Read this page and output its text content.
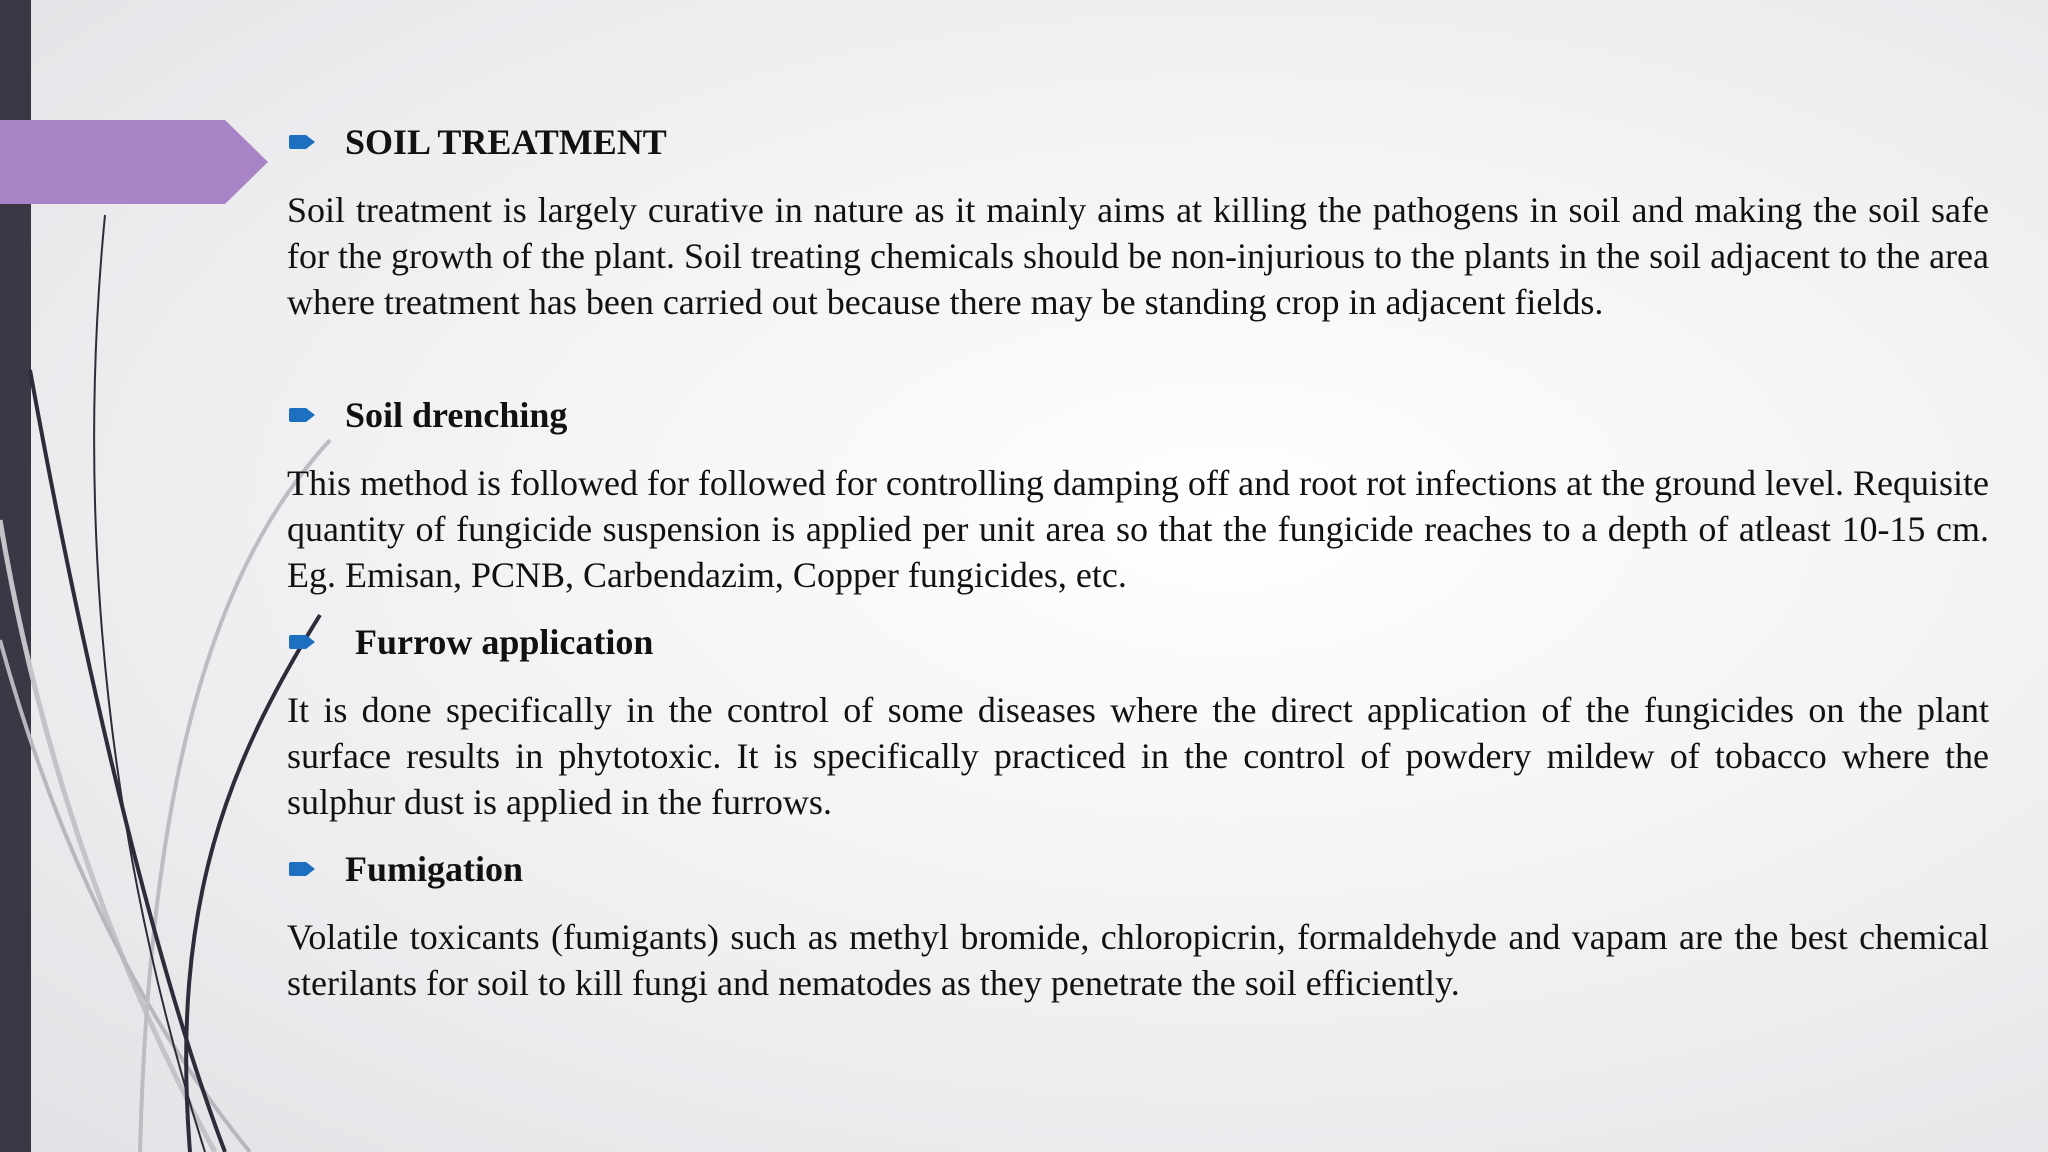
SOIL TREATMENT

Soil treatment is largely curative in nature as it mainly aims at killing the pathogens in soil and making the soil safe for the growth of the plant. Soil treating chemicals should be non-injurious to the plants in the soil adjacent to the area where treatment has been carried out because there may be standing crop in adjacent fields.

Soil drenching

This method is followed for followed for controlling damping off and root rot infections at the ground level. Requisite quantity of fungicide suspension is applied per unit area so that the fungicide reaches to a depth of atleast 10-15 cm. Eg. Emisan, PCNB, Carbendazim, Copper fungicides, etc.

Furrow application

It is done specifically in the control of some diseases where the direct application of the fungicides on the plant surface results in phytotoxic. It is specifically practiced in the control of powdery mildew of tobacco where the sulphur dust is applied in the furrows.

Fumigation

Volatile toxicants (fumigants) such as methyl bromide, chloropicrin, formaldehyde and vapam are the best chemical sterilants for soil to kill fungi and nematodes as they penetrate the soil efficiently.
